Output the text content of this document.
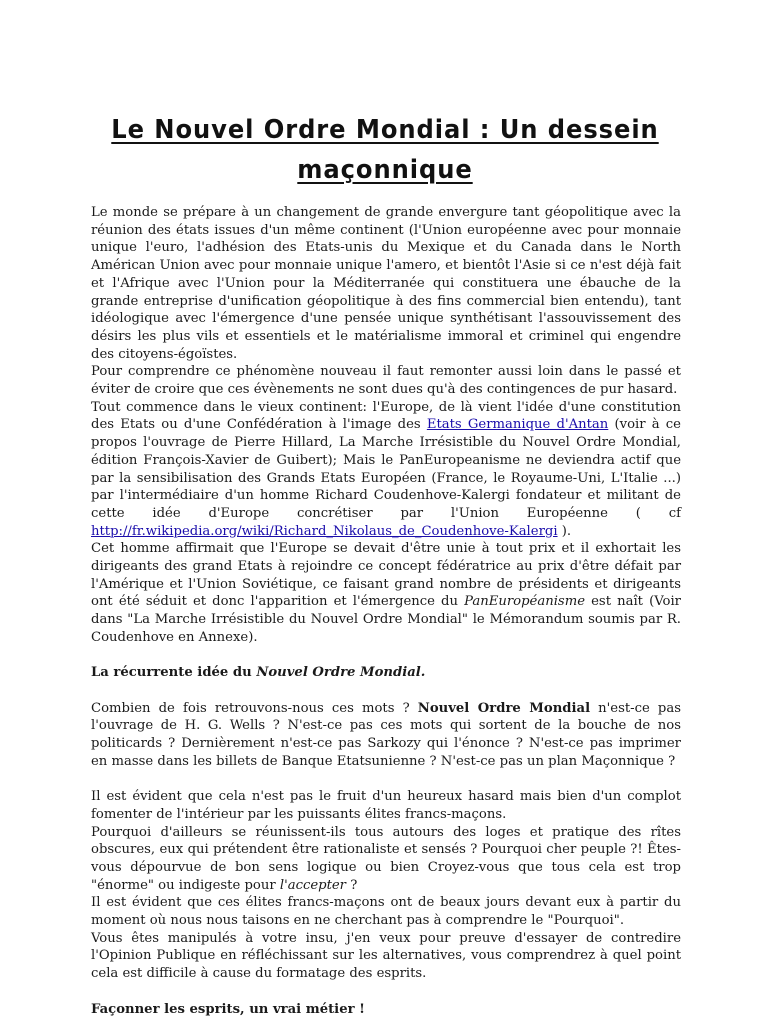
Le Nouvel Ordre Mondial : Un dessein
maçonnique

Le monde se prépare à un changement de grande envergure tant géopolitique avec la réunion des états issues d'un même continent (l'Union européenne avec pour monnaie unique l'euro, l'adhésion des Etats-unis du Mexique et du Canada dans le North Américan Union avec pour monnaie unique l'amero, et bientôt l'Asie si ce n'est déjà fait et l'Afrique avec l'Union pour la Méditerranée qui constituera une ébauche de la grande entreprise d'unification géopolitique à des fins commercial bien entendu), tant idéologique avec l'émergence d'une pensée unique synthétisant l'assouvissement des désirs les plus vils et essentiels et le matérialisme immoral et criminel qui engendre des citoyens-égoïstes.

Pour comprendre ce phénomène nouveau il faut remonter aussi loin dans le passé et éviter de croire que ces évènements ne sont dues qu'à des contingences de pur hasard.

Tout commence dans le vieux continent: l'Europe, de là vient l'idée d'une constitution des Etats ou d'une Confédération à l'image des Etats Germanique d'Antan (voir à ce propos l'ouvrage de Pierre Hillard, La Marche Irrésistible du Nouvel Ordre Mondial, édition François-Xavier de Guibert); Mais le PanEuropeanisme ne deviendra actif que par la sensibilisation des Grands Etats Européen (France, le Royaume-Uni, L'Italie ...) par l'intermédiaire d'un homme Richard Coudenhove-Kalergi fondateur et militant de cette idée d'Europe concrétiser par l'Union Européenne ( cf http://fr.wikipedia.org/wiki/Richard_Nikolaus_de_Coudenhove-Kalergi ).

Cet homme affirmait que l'Europe se devait d'être unie à tout prix et il exhortait les dirigeants des grand Etats à rejoindre ce concept fédératrice au prix d'être défait par l'Amérique et l'Union Soviétique, ce faisant grand nombre de présidents et dirigeants ont été séduit et donc l'apparition et l'émergence du PanEuropéanisme est naît (Voir dans "La Marche Irrésistible du Nouvel Ordre Mondial" le Mémorandum soumis par R. Coudenhove en Annexe).

La récurrente idée du Nouvel Ordre Mondial.

Combien de fois retrouvons-nous ces mots ? Nouvel Ordre Mondial n'est-ce pas l'ouvrage de H. G. Wells ? N'est-ce pas ces mots qui sortent de la bouche de nos politicards ? Dernièrement n'est-ce pas Sarkozy qui l'énonce ? N'est-ce pas imprimer en masse dans les billets de Banque Etatsunienne ? N'est-ce pas un plan Maçonnique ?

Il est évident que cela n'est pas le fruit d'un heureux hasard mais bien d'un complot fomenter de l'intérieur par les puissants élites francs-maçons.

Pourquoi d'ailleurs se réunissent-ils tous autours des loges et pratique des rîtes obscures, eux qui prétendent être rationaliste et sensés ? Pourquoi cher peuple ?! Êtes-vous dépourvue de bon sens logique ou bien Croyez-vous que tous cela est trop "énorme" ou indigeste pour l'accepter ?

Il est évident que ces élites francs-maçons ont de beaux jours devant eux à partir du moment où nous nous taisons en ne cherchant pas à comprendre le "Pourquoi".

Vous êtes manipulés à votre insu, j'en veux pour preuve d'essayer de contredire l'Opinion Publique en réfléchissant sur les alternatives, vous comprendrez à quel point cela est difficile à cause du formatage des esprits.

Façonner les esprits, un vrai métier !
